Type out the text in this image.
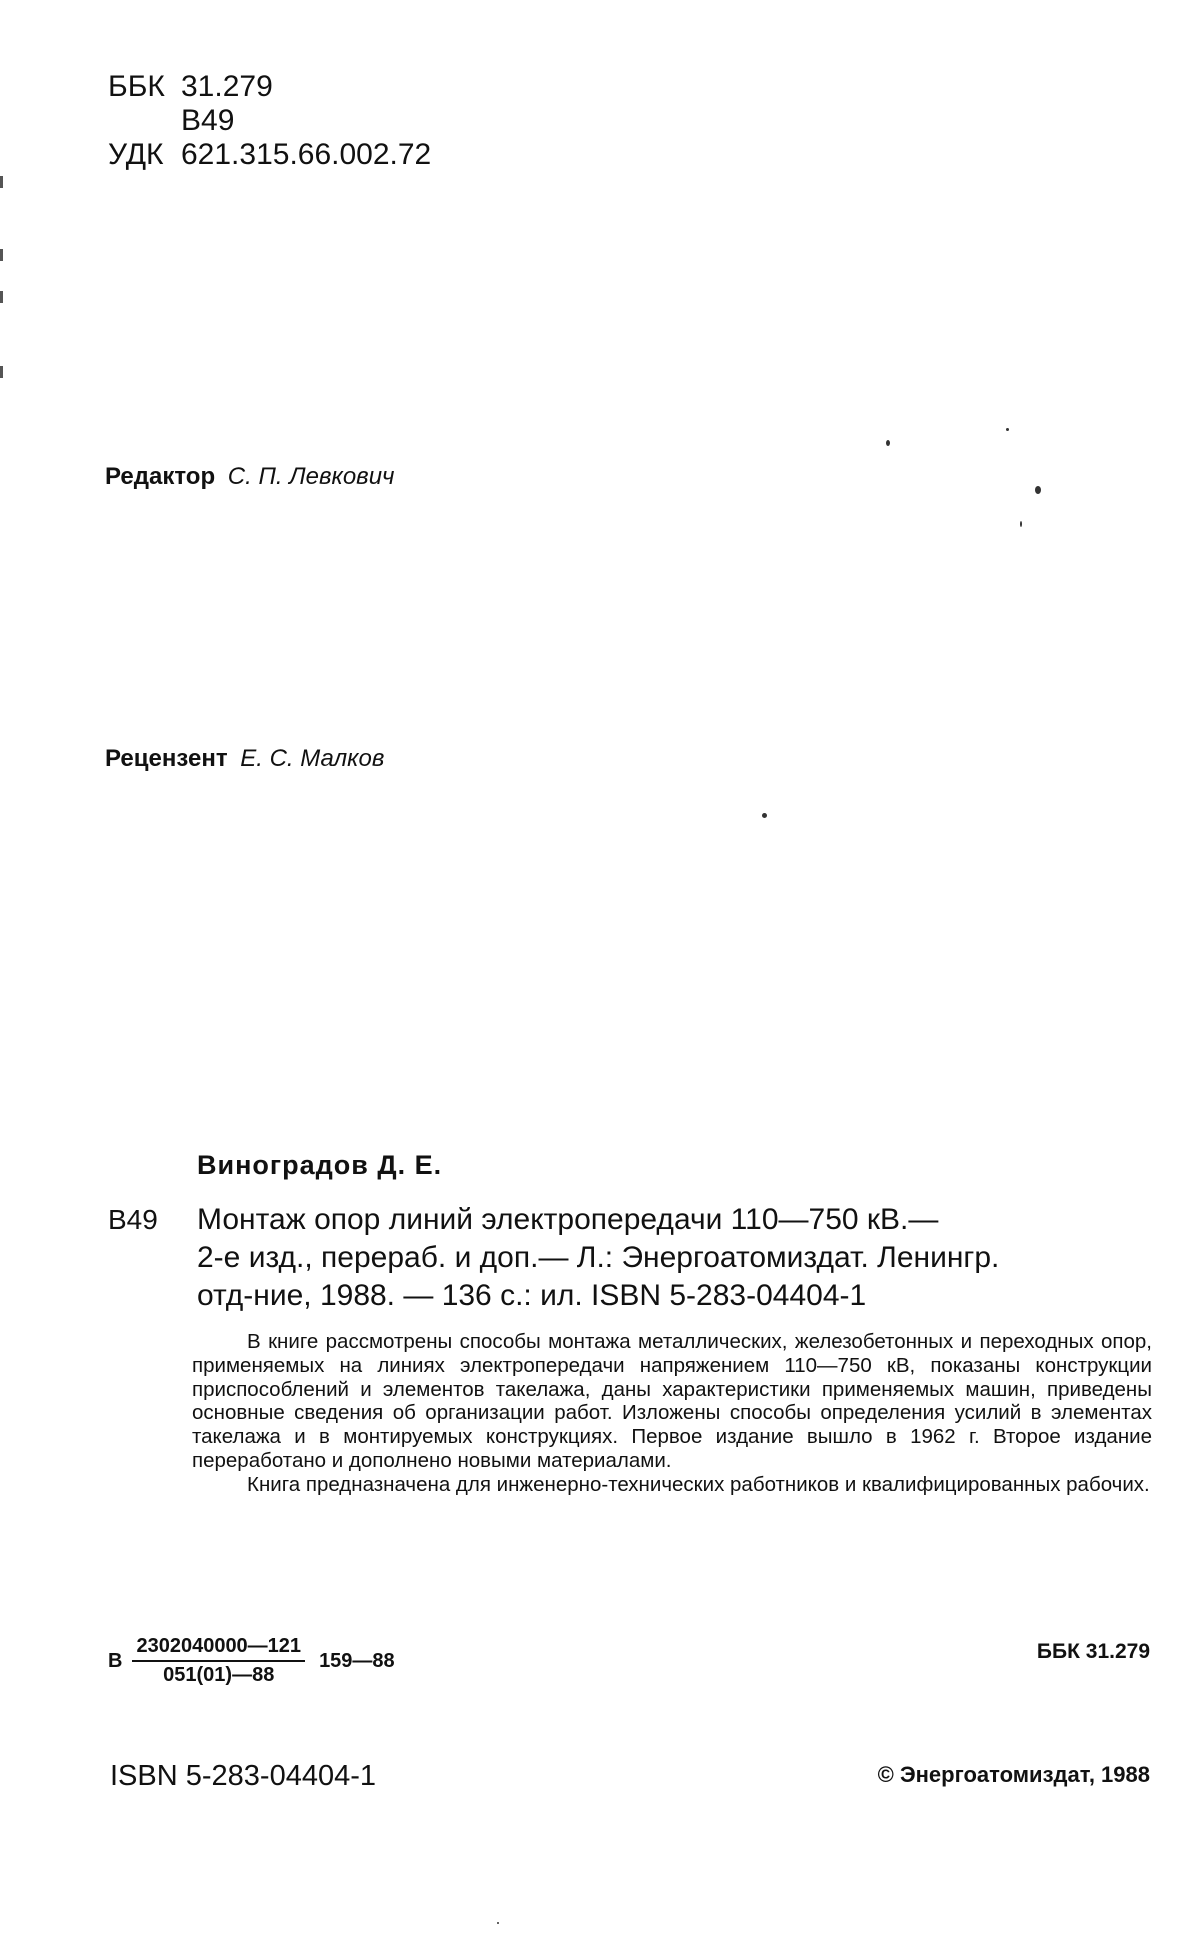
ББК 31.279
В49
УДК 621.315.66.002.72
Редактор С. П. Левкович
Рецензент Е. С. Малков
Виноградов Д. Е.
В49 Монтаж опор линий электропередачи 110—750 кВ.—
2-е изд., перераб. и доп.— Л.: Энергоатомиздат. Ленингр.
отд-ние, 1988. — 136 с.: ил. ISBN 5-283-04404-1

В книге рассмотрены способы монтажа металлических, железобетонных и переходных опор, применяемых на линиях электропередачи напряжением 110—750 кВ, показаны конструкции приспособлений и элементов такелажа, даны характеристики применяемых машин, приведены основные сведения об организации работ. Изложены способы определения усилий в элементах такелажа и в монтируемых конструкциях. Первое издание вышло в 1962 г. Второе издание переработано и дополнено новыми материалами.

Книга предназначена для инженерно-технических работников и квалифицированных рабочих.

В $\frac{2302040000—121}{051(01)—88}$ 159—88	ББК 31.279
ISBN 5-283-04404-1	© Энергоатомиздат, 1988
